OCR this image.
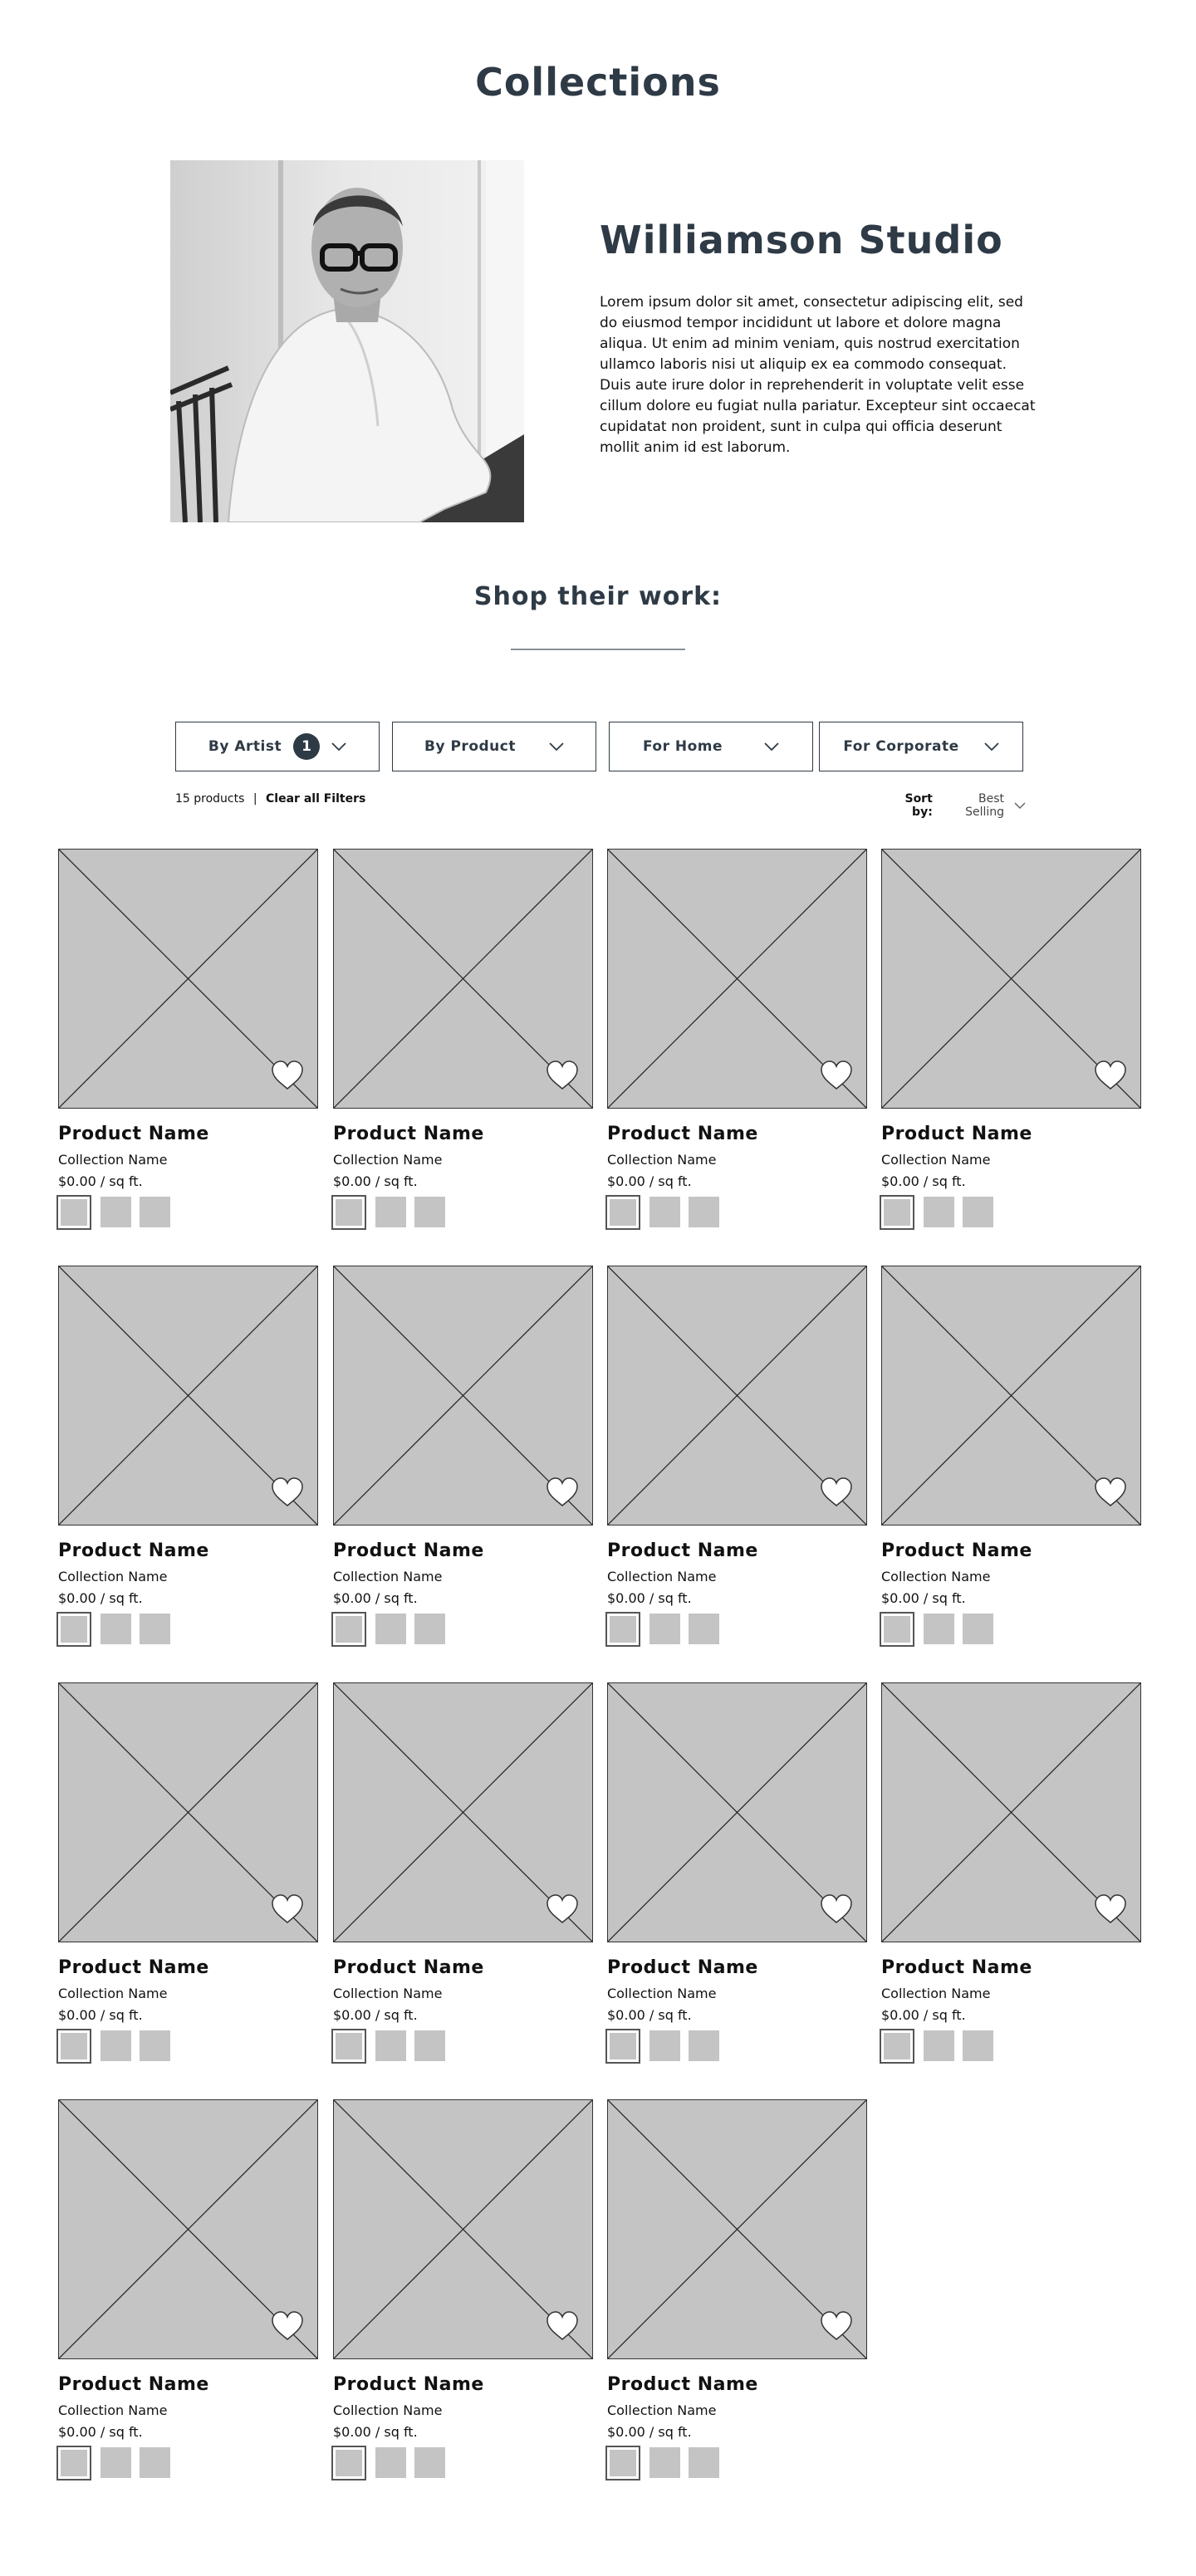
Collections
Williamson Studio
Lorem ipsum dolor sit amet, consectetur adipiscing elit, sed do eiusmod tempor incididunt ut labore et dolore magna aliqua. Ut enim ad minim veniam, quis nostrud exercitation ullamco laboris nisi ut aliquip ex ea commodo consequat. Duis aute irure dolor in reprehenderit in voluptate velit esse cillum dolore eu fugiat nulla pariatur. Excepteur sint occaecat cupidatat non proident, sunt in culpa qui officia deserunt mollit anim id est laborum.
Shop their work:
By Artist	1	By Product	For Home	For Corporate
15 products | Clear all Filters	Sort by:
Best Selling
Product Name
Collection Name
$0.00 / sq ft.
Product Name
Collection Name
$0.00 / sq ft.
Product Name
Collection Name
$0.00 / sq ft.
Product Name
Collection Name
$0.00 / sq ft.
Product Name
Collection Name
$0.00 / sq ft.
Product Name
Collection Name
$0.00 / sq ft.
Product Name
Collection Name
$0.00 / sq ft.
Product Name
Collection Name
$0.00 / sq ft.
Product Name
Collection Name
$0.00 / sq ft.
Product Name
Collection Name
$0.00 / sq ft.
Product Name
Collection Name
$0.00 / sq ft.
Product Name
Collection Name
$0.00 / sq ft.
Product Name
Collection Name
$0.00 / sq ft.
Product Name
Collection Name
$0.00 / sq ft.
Product Name
Collection Name
$0.00 / sq ft.
